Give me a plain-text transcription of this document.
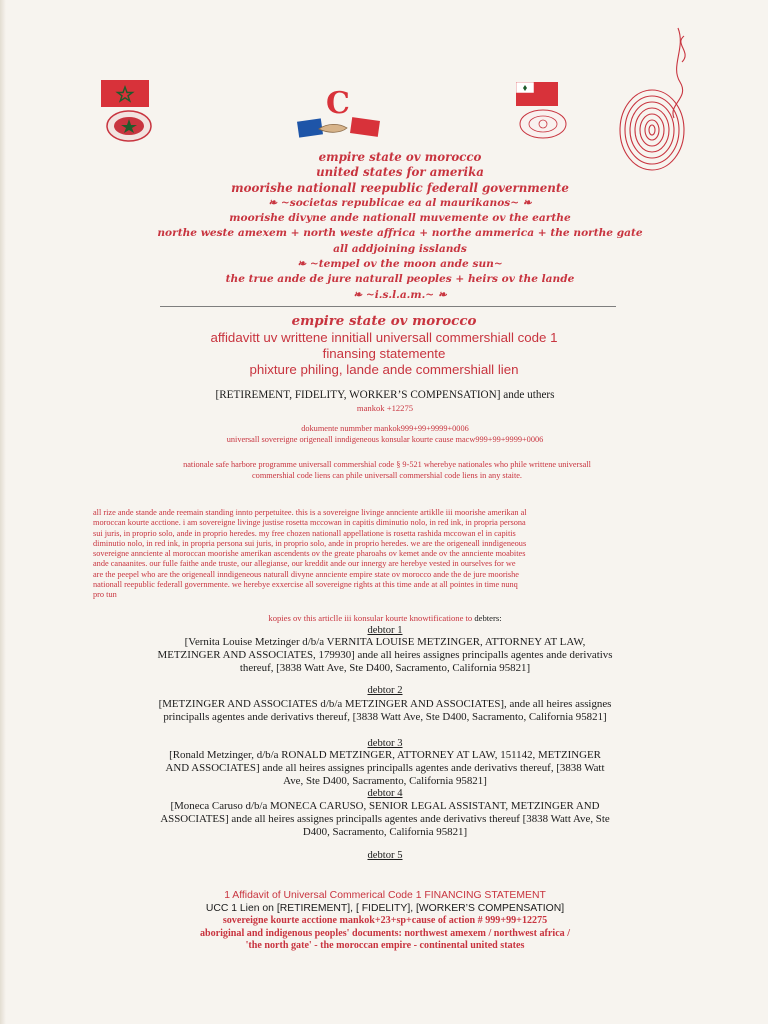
C
empire state ov morocco
united states for amerika
moorishe nationall reepublic federall governmente
❧ ~societas republicae ea al maurikanos~ ❧
moorishe divyne ande nationall muvemente ov the earthe
northe weste amexem + north weste affrica + northe ammerica + the northe gate
all addjoining isslands
❧ ~tempel ov the moon ande sun~
the true ande de jure naturall peoples + heirs ov the lande
❧ ~i.s.l.a.m.~ ❧
empire state ov morocco
affidavitt uv writtene innitiall universall commershiall code 1
finansing statemente
phixture philing, lande ande commershiall lien
[RETIREMENT, FIDELITY, WORKER’S COMPENSATION] ande uthers
mankok +12275
dokumente nummber mankok999+99+9999+0006
universall sovereigne origeneall inndigeneous konsular kourte cause macw999+99+9999+0006
nationale safe harbore programme universall commershial code § 9-521 wherebye nationales who phile writtene universall
commershial code liens can phile universall commershial code liens in any staite.
all rize ande stande ande reemain standing innto perpetuitee. this is a sovereigne livinge annciente artiklle iii moorishe amerikan al
moroccan kourte acctione. i am sovereigne livinge justise rosetta mccowan in capitis diminutio nolo, in red ink, in propria persona
sui juris, in proprio solo, ande in proprio heredes. my free chozen nationall appellatione is rosetta rashida mccowan el in capitis
diminutio nolo, in red ink, in propria persona sui juris, in proprio solo, ande in proprio heredes. we are the origeneall inndigeneous
sovereigne annciente al moroccan moorishe amerikan ascendents ov the greate pharoahs ov kemet ande ov the annciente moabites
ande canaanites. our fulle faithe ande truste, our allegianse, our kreddit ande our innergy are herebye vested in ourselves for we
are the peepel who are the origeneall inndigeneous naturall divyne annciente empire state ov morocco ande the de jure moorishe
nationall reepublic federall governmente. we herebye exxercise all sovereigne rights at this time ande at all pointes in time nunq
pro tun
kopies ov this articlle iii konsular kourte knowtificatione to debters:
debtor 1
[Vernita Louise Metzinger d/b/a VERNITA LOUISE METZINGER, ATTORNEY AT LAW,
METZINGER AND ASSOCIATES, 179930] ande all heires assignes principalls agentes ande derivativs
thereuf, [3838 Watt Ave, Ste D400, Sacramento, California 95821]
debtor 2
[METZINGER AND ASSOCIATES d/b/a METZINGER AND ASSOCIATES], ande all heires assignes
principalls agentes ande derivativs thereuf, [3838 Watt Ave, Ste D400, Sacramento, California 95821]
debtor 3
[Ronald Metzinger, d/b/a RONALD METZINGER, ATTORNEY AT LAW, 151142, METZINGER
AND ASSOCIATES] ande all heires assignes principalls agentes ande derivativs thereuf, [3838 Watt
Ave, Ste D400, Sacramento, California 95821]
debtor 4
[Moneca Caruso d/b/a MONECA CARUSO, SENIOR LEGAL ASSISTANT, METZINGER AND
ASSOCIATES] ande all heires assignes principalls agentes ande derivativs thereuf [3838 Watt Ave, Ste
D400, Sacramento, California 95821]
debtor 5
1 Affidavit of Universal Commerical Code 1 FINANCING STATEMENT
UCC 1 Lien on [RETIREMENT], [ FIDELITY], [WORKER’S COMPENSATION]
sovereigne kourte acctione mankok+23+sp+cause of action # 999+99+12275
aboriginal and indigenous peoples' documents: northwest amexem / northwest africa /
'the north gate' - the moroccan empire - continental united states
